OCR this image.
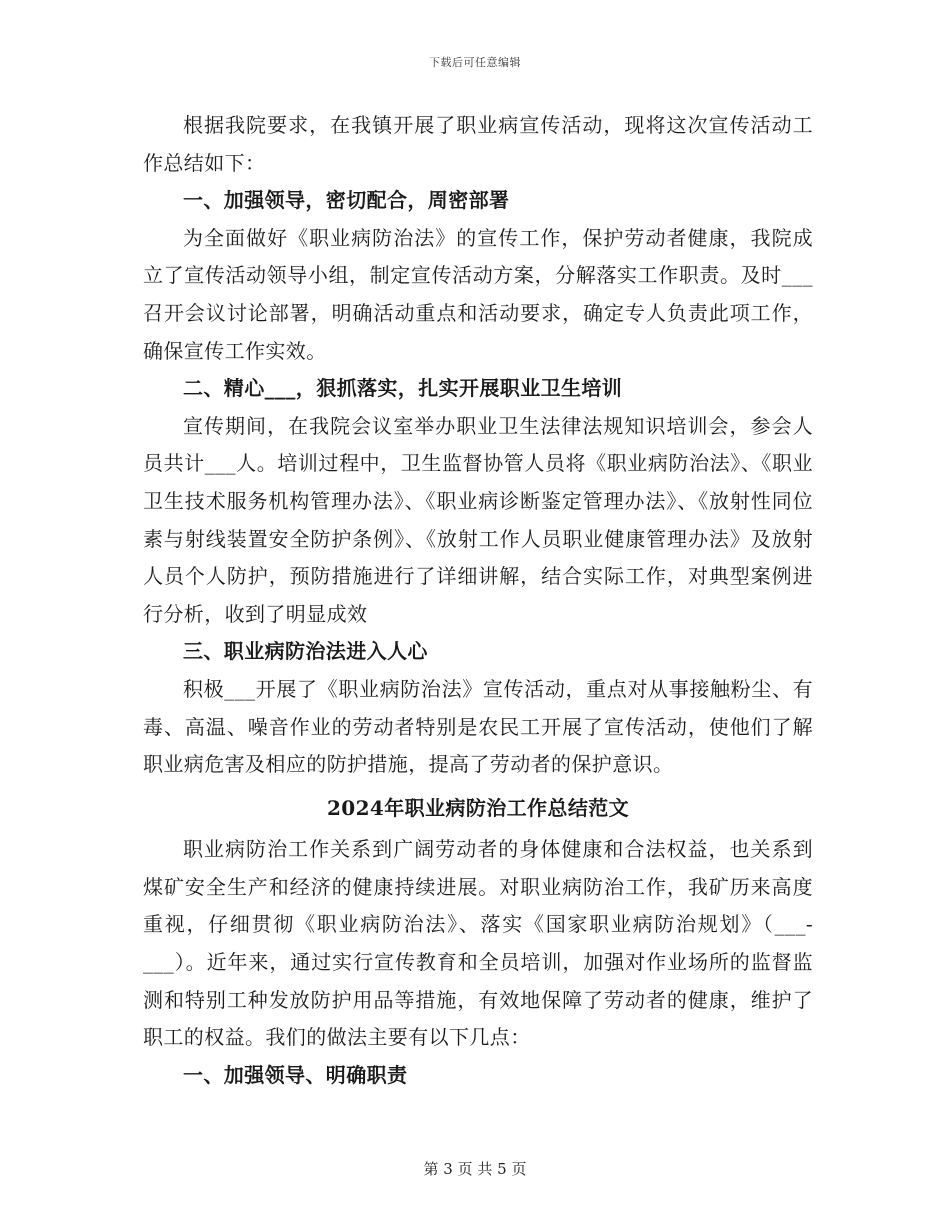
下载后可任意编辑

根据我院要求，在我镇开展了职业病宣传活动，现将这次宣传活动工作总结如下：

一、加强领导，密切配合，周密部署

为全面做好《职业病防治法》的宣传工作，保护劳动者健康，我院成立了宣传活动领导小组，制定宣传活动方案，分解落实工作职责。及时___召开会议讨论部署，明确活动重点和活动要求，确定专人负责此项工作，确保宣传工作实效。

二、精心___，狠抓落实，扎实开展职业卫生培训

宣传期间，在我院会议室举办职业卫生法律法规知识培训会，参会人员共计___人。培训过程中，卫生监督协管人员将《职业病防治法》、《职业卫生技术服务机构管理办法》、《职业病诊断鉴定管理办法》、《放射性同位素与射线装置安全防护条例》、《放射工作人员职业健康管理办法》及放射人员个人防护，预防措施进行了详细讲解，结合实际工作，对典型案例进行分析，收到了明显成效

三、职业病防治法进入人心

积极___开展了《职业病防治法》宣传活动，重点对从事接触粉尘、有毒、高温、噪音作业的劳动者特别是农民工开展了宣传活动，使他们了解职业病危害及相应的防护措施，提高了劳动者的保护意识。

2024年职业病防治工作总结范文

职业病防治工作关系到广阔劳动者的身体健康和合法权益，也关系到煤矿安全生产和经济的健康持续进展。对职业病防治工作，我矿历来高度重视，仔细贯彻《职业病防治法》、落实《国家职业病防治规划》（___-___）。近年来，通过实行宣传教育和全员培训，加强对作业场所的监督监测和特别工种发放防护用品等措施，有效地保障了劳动者的健康，维护了职工的权益。我们的做法主要有以下几点：

一、加强领导、明确职责

第 3 页 共 5 页
